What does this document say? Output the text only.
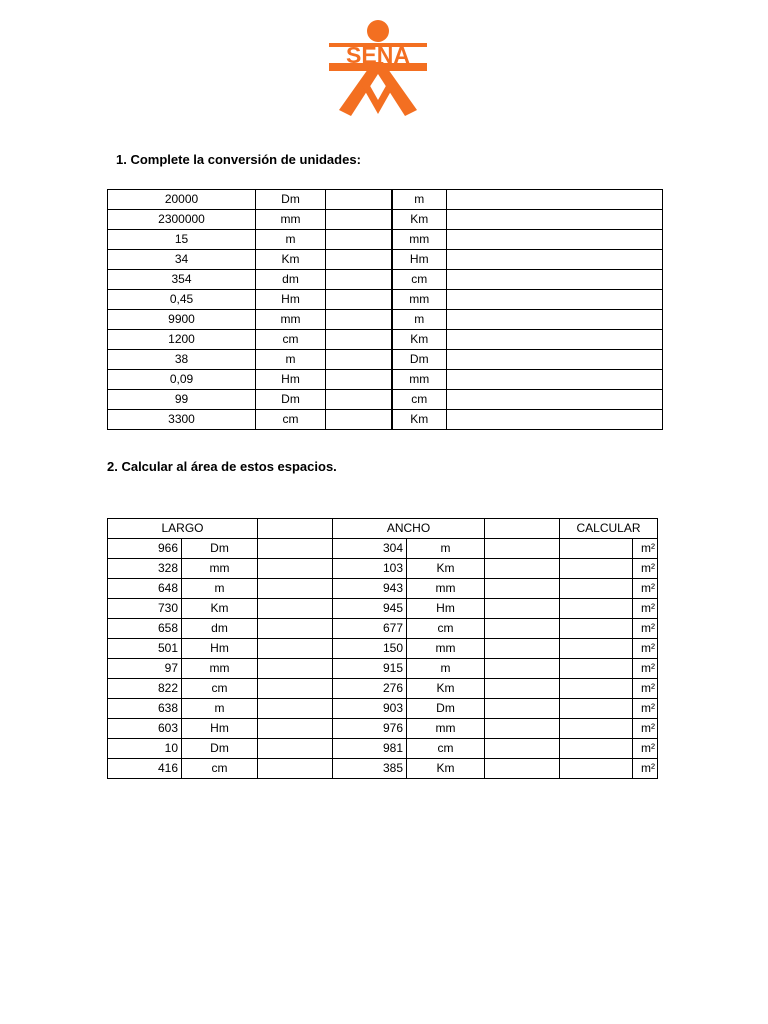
SENA
1. Complete la conversión de unidades:
20000	Dm		m	
2300000	mm		Km	
15	m		mm	
34	Km		Hm	
354	dm		cm	
0,45	Hm		mm	
9900	mm		m	
1200	cm		Km	
38	m		Dm	
0,09	Hm		mm	
99	Dm		cm	
3300	cm		Km	
2. Calcular al área de estos espacios.
LARGO			ANCHO			CALCULAR	
966	Dm		304	m			m²
328	mm		103	Km			m²
648	m		943	mm			m²
730	Km		945	Hm			m²
658	dm		677	cm			m²
501	Hm		150	mm			m²
97	mm		915	m			m²
822	cm		276	Km			m²
638	m		903	Dm			m²
603	Hm		976	mm			m²
10	Dm		981	cm			m²
416	cm		385	Km			m²
